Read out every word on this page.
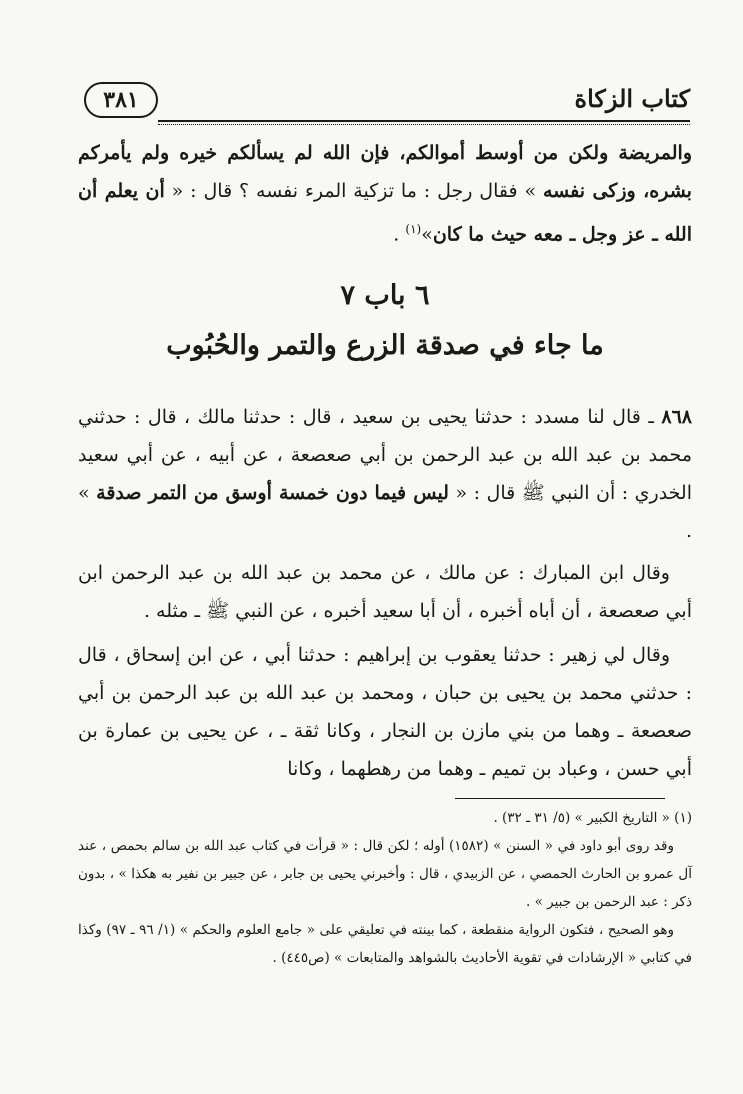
كتاب الزكاة
٣٨١
والمريضة ولكن من أوسط أموالكم، فإن الله لم يسألكم خيره ولم يأمركم بشره، وزكى نفسه » فقال رجل : ما تزكية المرء نفسه ؟ قال : « أن يعلم أن الله ـ عز وجل ـ معه حيث ما كان»$^{(١)}$ .
٦ باب ٧
ما جاء في صدقة الزرع والتمر والحُبُوب
٨٦٨ ـ قال لنا مسدد : حدثنا يحيى بن سعيد ، قال : حدثنا مالك ، قال : حدثني محمد بن عبد الله بن عبد الرحمن بن أبي صعصعة ، عن أبيه ، عن أبي سعيد الخدري : أن النبي ﷺ قال : « ليس فيما دون خمسة أوسق من التمر صدقة » .
وقال ابن المبارك : عن مالك ، عن محمد بن عبد الله بن عبد الرحمن ابن أبي صعصعة ، أن أباه أخبره ، أن أبا سعيد أخبره ، عن النبي ﷺ ـ مثله .
وقال لي زهير : حدثنا يعقوب بن إبراهيم : حدثنا أبي ، عن ابن إسحاق ، قال : حدثني محمد بن يحيى بن حبان ، ومحمد بن عبد الله بن عبد الرحمن بن أبي صعصعة ـ وهما من بني مازن بن النجار ، وكانا ثقة ـ ، عن يحيى بن عمارة بن أبي حسن ، وعباد بن تميم ـ وهما من رهطهما ، وكانا

(١) « التاريخ الكبير » (٥/ ٣١ ـ ٣٢) .

وقد روى أبو داود في « السنن » (١٥٨٢) أوله ؛ لكن قال : « قرأت في كتاب عبد الله بن سالم بحمص ، عند آل عمرو بن الحارث الحمصي ، عن الزبيدي ، قال : وأخبرني يحيى بن جابر ، عن جبير بن نفير به هكذا » ، بدون ذكر : عبد الرحمن بن جبير » .

وهو الصحيح ، فتكون الرواية منقطعة ، كما بينته في تعليقي على « جامع العلوم والحكم » (١/ ٩٦ ـ ٩٧) وكذا في كتابي « الإرشادات في تقوية الأحاديث بالشواهد والمتابعات » (ص٤٤٥) .
